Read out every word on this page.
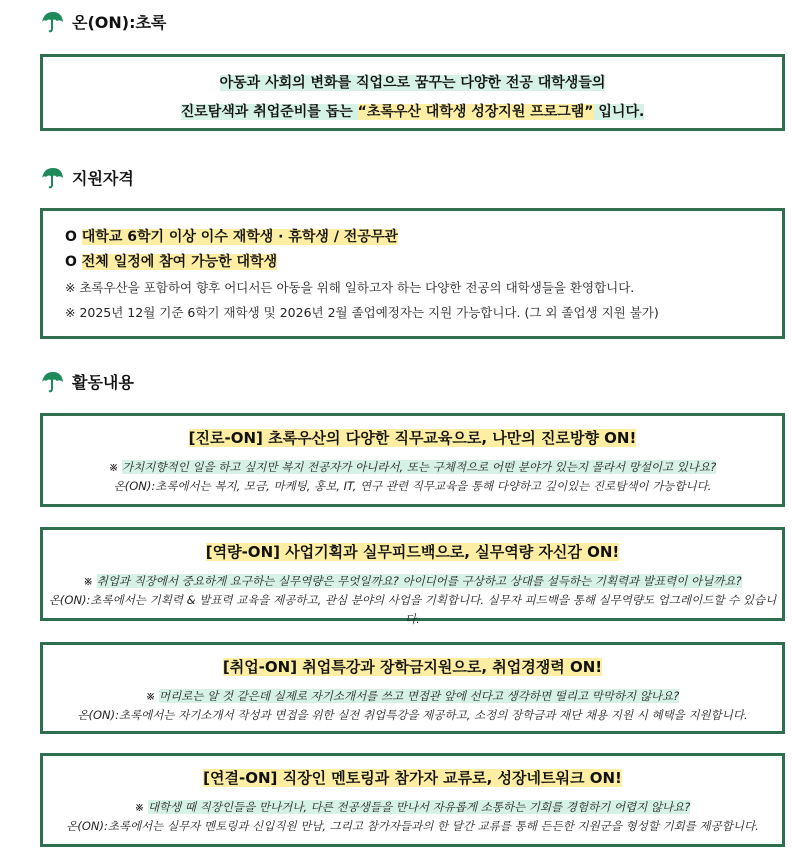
온(ON):초록
아동과 사회의 변화를 직업으로 꿈꾸는 다양한 전공 대학생들의
진로탐색과 취업준비를 돕는 “초록우산 대학생 성장지원 프로그램” 입니다.
지원자격
O 대학교 6학기 이상 이수 재학생 · 휴학생 / 전공무관
O 전체 일정에 참여 가능한 대학생
※ 초록우산을 포함하여 향후 어디서든 아동을 위해 일하고자 하는 다양한 전공의 대학생들을 환영합니다.
※ 2025년 12월 기준 6학기 재학생 및 2026년 2월 졸업예정자는 지원 가능합니다. (그 외 졸업생 지원 불가)
활동내용
[진로-ON] 초록우산의 다양한 직무교육으로, 나만의 진로방향 ON!
※ 가치지향적인 일을 하고 싶지만 복지 전공자가 아니라서, 또는 구체적으로 어떤 분야가 있는지 몰라서 망설이고 있나요?
온(ON):초록에서는 복지, 모금, 마케팅, 홍보, IT, 연구 관련 직무교육을 통해 다양하고 깊이있는 진로탐색이 가능합니다.
[역량-ON] 사업기획과 실무피드백으로, 실무역량 자신감 ON!
※ 취업과 직장에서 중요하게 요구하는 실무역량은 무엇일까요? 아이디어를 구상하고 상대를 설득하는 기획력과 발표력이 아닐까요?
온(ON):초록에서는 기획력 & 발표력 교육을 제공하고, 관심 분야의 사업을 기획합니다. 실무자 피드백을 통해 실무역량도 업그레이드할 수 있습니다.
[취업-ON] 취업특강과 장학금지원으로, 취업경쟁력 ON!
※ 머리로는 알 것 같은데 실제로 자기소개서를 쓰고 면접관 앞에 선다고 생각하면 떨리고 막막하지 않나요?
온(ON):초록에서는 자기소개서 작성과 면접을 위한 실전 취업특강을 제공하고, 소정의 장학금과 재단 채용 지원 시 혜택을 지원합니다.
[연결-ON] 직장인 멘토링과 참가자 교류로, 성장네트워크 ON!
※ 대학생 때 직장인들을 만나거나, 다른 전공생들을 만나서 자유롭게 소통하는 기회를 경험하기 어렵지 않나요?
온(ON):초록에서는 실무자 멘토링과 신입직원 만남, 그리고 참가자들과의 한 달간 교류를 통해 든든한 지원군을 형성할 기회를 제공합니다.
